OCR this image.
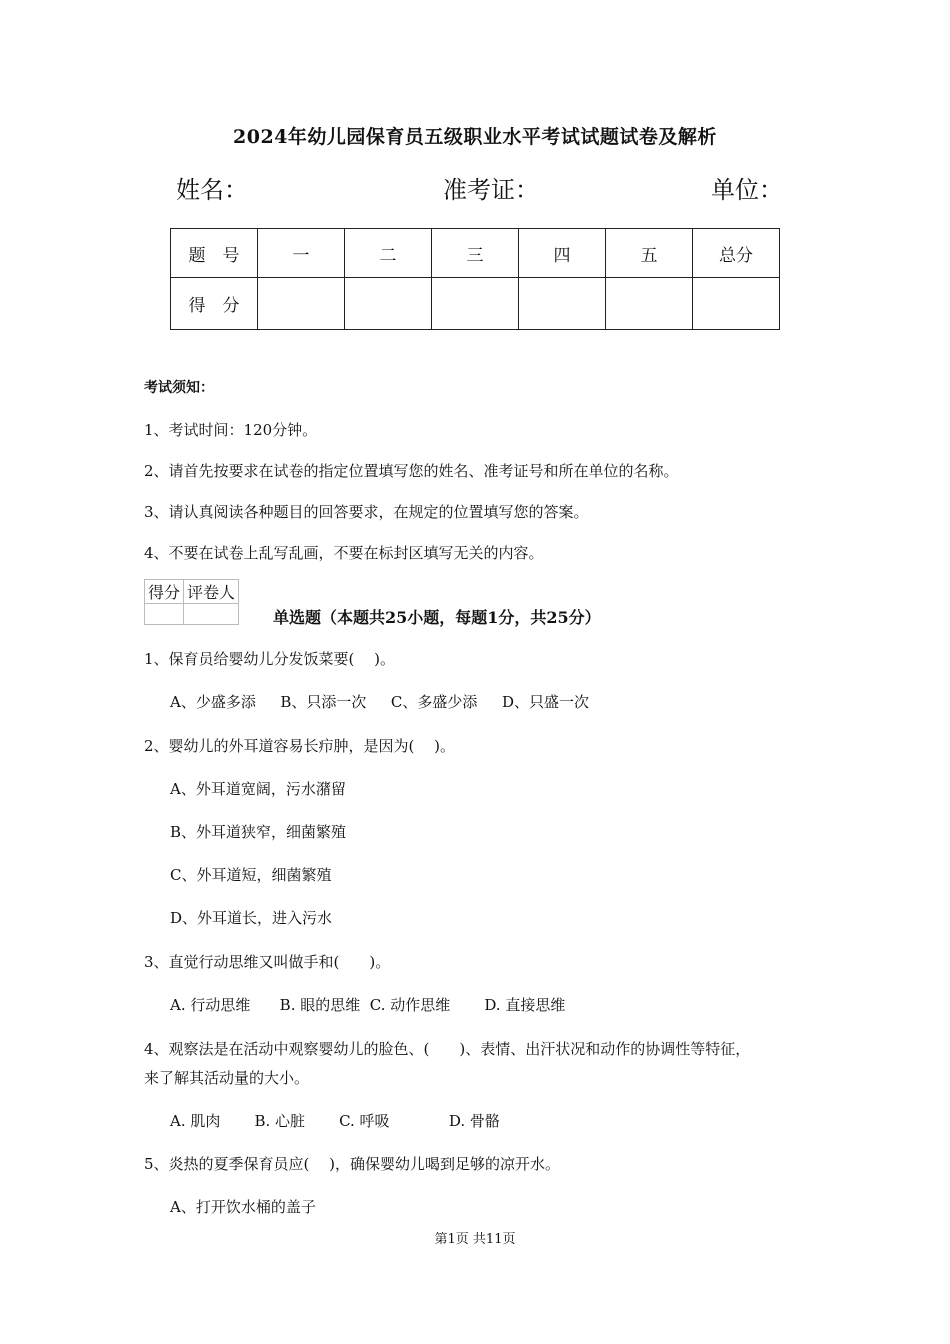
2024年幼儿园保育员五级职业水平考试试题试卷及解析
姓名：	准考证：	单位：
题　号	一	二	三	四	五	总分
得　分						
考试须知：
1、考试时间：120分钟。
2、请首先按要求在试卷的指定位置填写您的姓名、准考证号和所在单位的名称。
3、请认真阅读各种题目的回答要求，在规定的位置填写您的答案。
4、不要在试卷上乱写乱画，不要在标封区填写无关的内容。
得分	评卷人

单选题（本题共25小题，每题1分，共25分）
1、保育员给婴幼儿分发饭菜要(　 )。
A、少盛多添　  B、只添一次　  C、多盛少添　  D、只盛一次
2、婴幼儿的外耳道容易长疖肿，是因为(　 )。
A、外耳道宽阔，污水潴留
B、外耳道狭窄，细菌繁殖
C、外耳道短，细菌繁殖
D、外耳道长，进入污水
3、直觉行动思维又叫做手和(　　)。
A. 行动思维　   B. 眼的思维  C. 动作思维　    D. 直接思维
4、观察法是在活动中观察婴幼儿的脸色、(　　)、表情、出汗状况和动作的协调性等特征，
来了解其活动量的大小。
A. 肌肉　    B. 心脏　    C. 呼吸　　　   D. 骨骼
5、炎热的夏季保育员应(　 )，确保婴幼儿喝到足够的凉开水。
A、打开饮水桶的盖子
第1页 共11页
